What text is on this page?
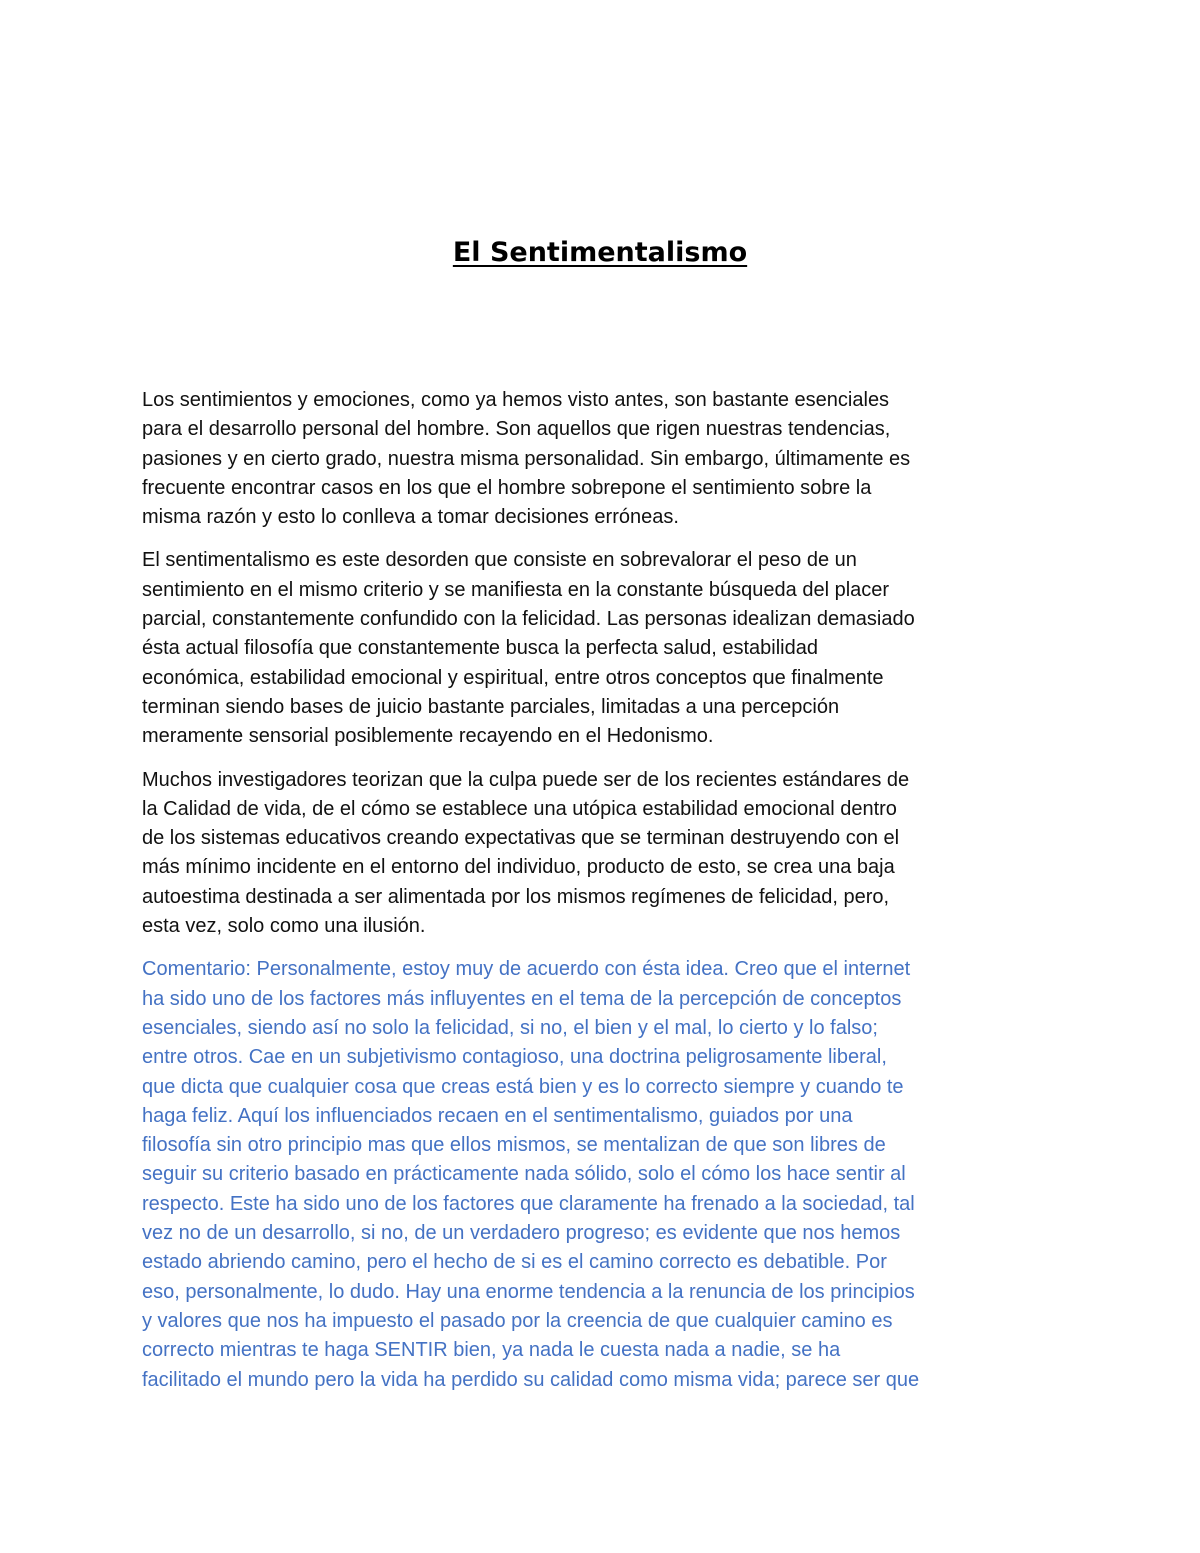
El Sentimentalismo

Los sentimientos y emociones, como ya hemos visto antes, son bastante esenciales
para el desarrollo personal del hombre. Son aquellos que rigen nuestras tendencias,
pasiones y en cierto grado, nuestra misma personalidad. Sin embargo, últimamente es
frecuente encontrar casos en los que el hombre sobrepone el sentimiento sobre la
misma razón y esto lo conlleva a tomar decisiones erróneas.

El sentimentalismo es este desorden que consiste en sobrevalorar el peso de un
sentimiento en el mismo criterio y se manifiesta en la constante búsqueda del placer
parcial, constantemente confundido con la felicidad. Las personas idealizan demasiado
ésta actual filosofía que constantemente busca la perfecta salud, estabilidad
económica, estabilidad emocional y espiritual, entre otros conceptos que finalmente
terminan siendo bases de juicio bastante parciales, limitadas a una percepción
meramente sensorial posiblemente recayendo en el Hedonismo.

Muchos investigadores teorizan que la culpa puede ser de los recientes estándares de
la Calidad de vida, de el cómo se establece una utópica estabilidad emocional dentro
de los sistemas educativos creando expectativas que se terminan destruyendo con el
más mínimo incidente en el entorno del individuo, producto de esto, se crea una baja
autoestima destinada a ser alimentada por los mismos regímenes de felicidad, pero,
esta vez, solo como una ilusión.

Comentario: Personalmente, estoy muy de acuerdo con ésta idea. Creo que el internet
ha sido uno de los factores más influyentes en el tema de la percepción de conceptos
esenciales, siendo así no solo la felicidad, si no, el bien y el mal, lo cierto y lo falso;
entre otros. Cae en un subjetivismo contagioso, una doctrina peligrosamente liberal,
que dicta que cualquier cosa que creas está bien y es lo correcto siempre y cuando te
haga feliz. Aquí los influenciados recaen en el sentimentalismo, guiados por una
filosofía sin otro principio mas que ellos mismos, se mentalizan de que son libres de
seguir su criterio basado en prácticamente nada sólido, solo el cómo los hace sentir al
respecto. Este ha sido uno de los factores que claramente ha frenado a la sociedad, tal
vez no de un desarrollo, si no, de un verdadero progreso; es evidente que nos hemos
estado abriendo camino, pero el hecho de si es el camino correcto es debatible. Por
eso, personalmente, lo dudo. Hay una enorme tendencia a la renuncia de los principios
y valores que nos ha impuesto el pasado por la creencia de que cualquier camino es
correcto mientras te haga SENTIR bien, ya nada le cuesta nada a nadie, se ha
facilitado el mundo pero la vida ha perdido su calidad como misma vida; parece ser que
